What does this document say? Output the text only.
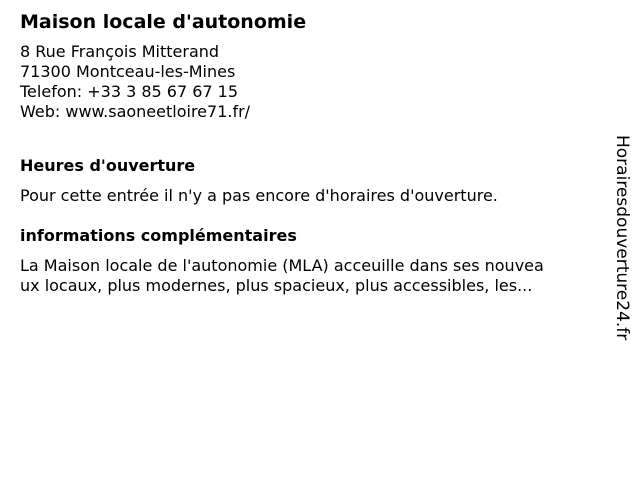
Maison locale d'autonomie
8 Rue François Mitterand
71300 Montceau-les-Mines
Telefon: +33 3 85 67 67 15
Web: www.saoneetloire71.fr/
Heures d'ouverture
Pour cette entrée il n'y a pas encore d'horaires d'ouverture.
informations complémentaires
La Maison locale de l'autonomie (MLA) acceuille dans ses nouvea
ux locaux, plus modernes, plus spacieux, plus accessibles, les...	Horairesdouverture24.fr
